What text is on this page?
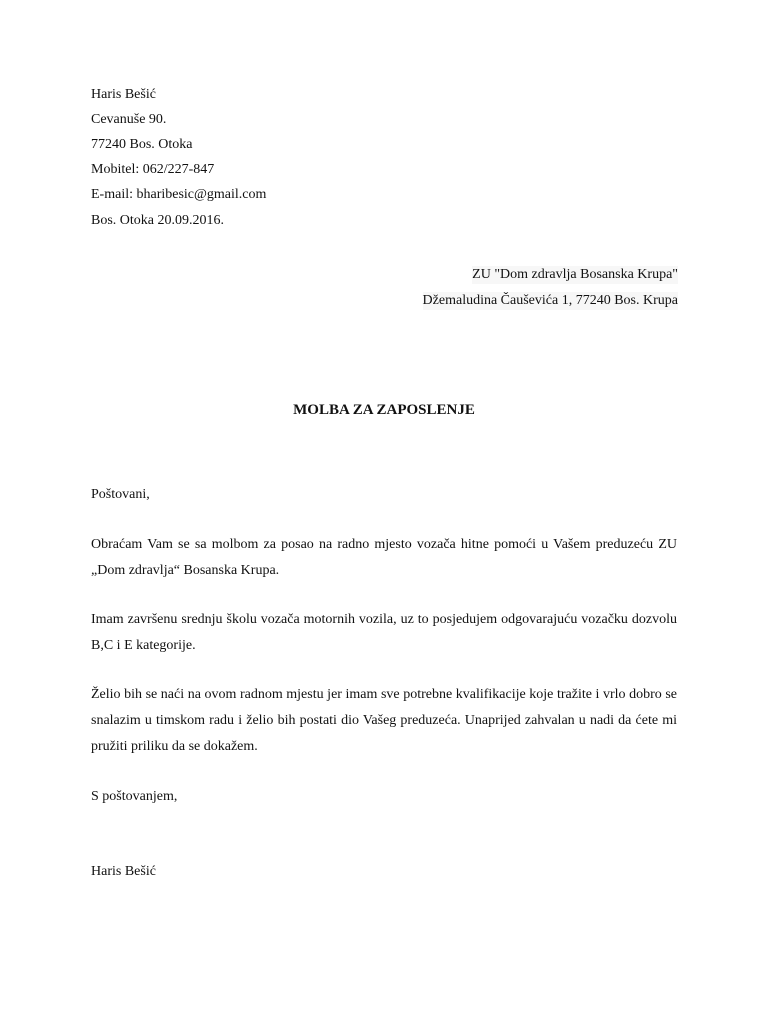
Haris Bešić
Cevanuše 90.
77240 Bos. Otoka
Mobitel: 062/227-847
E-mail: bharibesic@gmail.com
Bos. Otoka 20.09.2016.
ZU "Dom zdravlja Bosanska Krupa"
Džemaludina Čauševića 1, 77240 Bos. Krupa
MOLBA ZA ZAPOSLENJE
Poštovani,
Obraćam Vam se sa molbom za posao na radno mjesto vozača hitne pomoći u Vašem preduzeću ZU „Dom zdravlja“ Bosanska Krupa.
Imam završenu srednju školu vozača motornih vozila, uz to posjedujem odgovarajuću vozačku dozvolu B,C i E kategorije.
Želio bih se naći na ovom radnom mjestu jer imam sve potrebne kvalifikacije koje tražite i vrlo dobro se snalazim u timskom radu i želio bih postati dio Vašeg preduzeća. Unaprijed zahvalan u nadi da ćete mi pružiti priliku da se dokažem.
S poštovanjem,
Haris Bešić
